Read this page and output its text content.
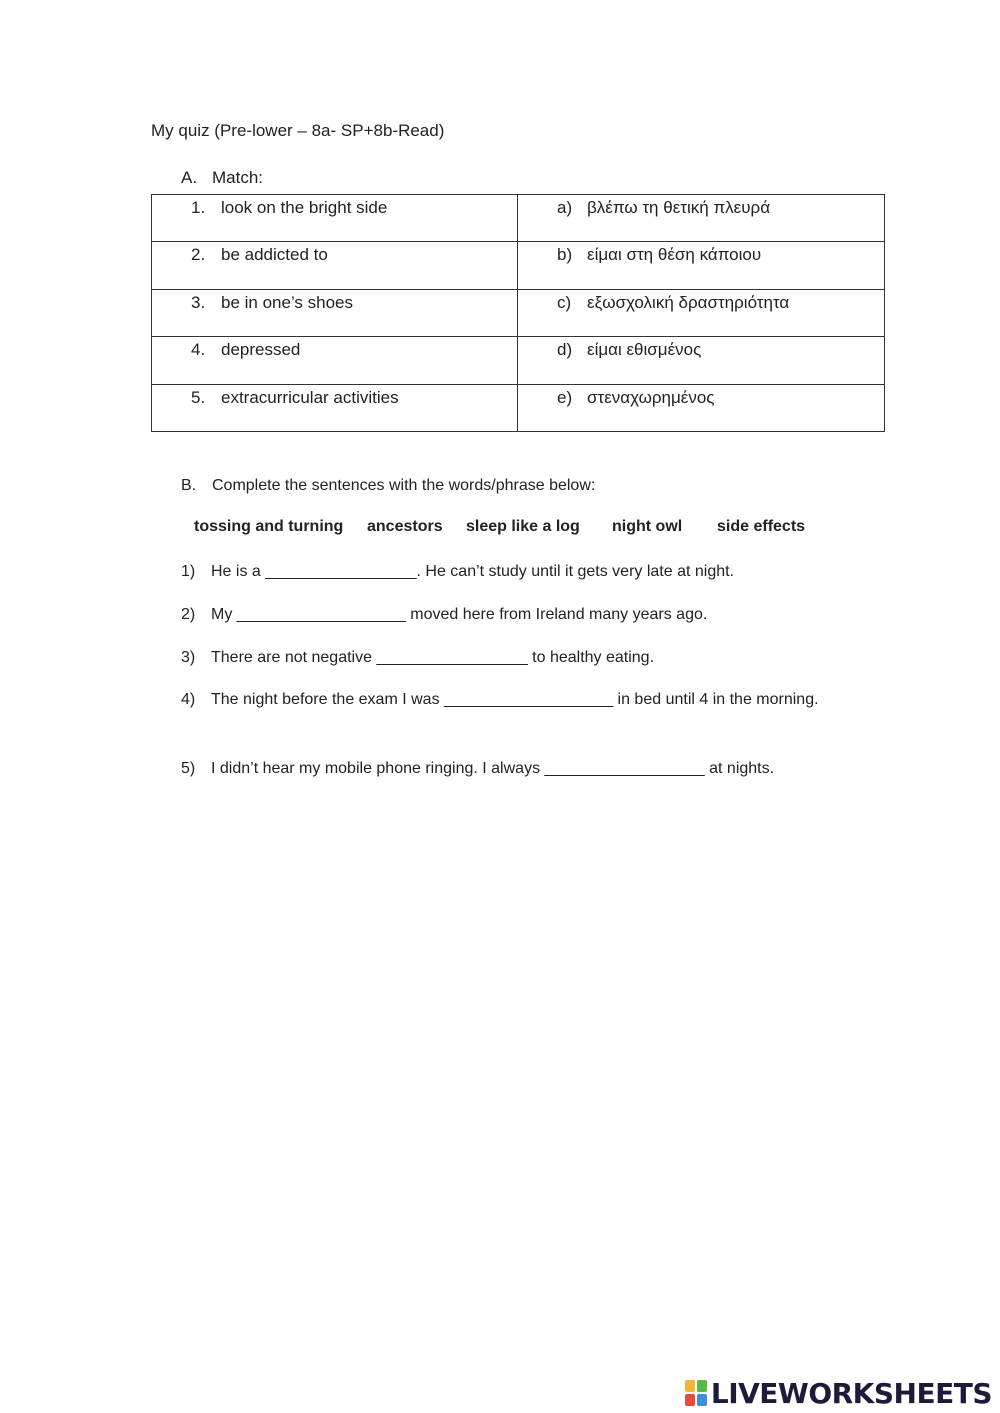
My quiz (Pre-lower – 8a- SP+8b-Read)
A. Match:
1. look on the bright side	a) βλέπω τη θετική πλευρά
2. be addicted to	b) είμαι στη θέση κάποιου
3. be in one’s shoes	c) εξωσχολική δραστηριότητα
4. depressed	d) είμαι εθισμένος
5. extracurricular activities	e) στεναχωρημένος
B. Complete the sentences with the words/phrase below:
tossing and turning ancestors sleep like a log night owl side effects
1) He is a _________________. He can’t study until it gets very late at night.
2) My ___________________ moved here from Ireland many years ago.
3) There are not negative _________________ to healthy eating.
4) The night before the exam I was ___________________ in bed until 4 in the morning.
5) I didn’t hear my mobile phone ringing. I always __________________ at nights.
LIVEWORKSHEETS
